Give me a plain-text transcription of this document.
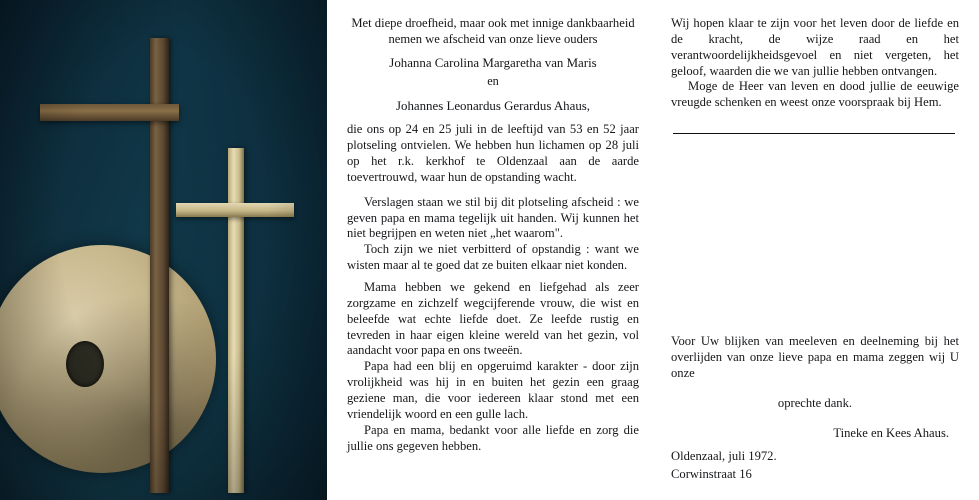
Met diepe droefheid, maar ook met innige dankbaarheid nemen we afscheid van onze lieve ouders

Johanna Carolina Margaretha van Maris

en

Johannes Leonardus Gerardus Ahaus,

die ons op 24 en 25 juli in de leeftijd van 53 en 52 jaar plotseling ontvielen. We hebben hun lichamen op 28 juli op het r.k. kerkhof te Oldenzaal aan de aarde toevertrouwd, waar hun de opstanding wacht.

Verslagen staan we stil bij dit plotseling afscheid : we geven papa en mama tegelijk uit handen. Wij kunnen het niet begrijpen en weten niet „het waarom".

Toch zijn we niet verbitterd of opstandig : want we wisten maar al te goed dat ze buiten elkaar niet konden.

Mama hebben we gekend en liefgehad als zeer zorgzame en zichzelf wegcijferende vrouw, die wist en beleefde wat echte liefde doet. Ze leefde rustig en tevreden in haar eigen kleine wereld van het gezin, vol aandacht voor papa en ons tweeën.

Papa had een blij en opgeruimd karakter - door zijn vrolijkheid was hij in en buiten het gezin een graag geziene man, die voor iedereen klaar stond met een vriendelijk woord en een gulle lach.

Papa en mama, bedankt voor alle liefde en zorg die jullie ons gegeven hebben.

Wij hopen klaar te zijn voor het leven door de liefde en de kracht, de wijze raad en het verantwoordelijkheidsgevoel en niet vergeten, het geloof, waarden die we van jullie hebben ontvangen.

Moge de Heer van leven en dood jullie de eeuwige vreugde schenken en weest onze voorspraak bij Hem.

Voor Uw blijken van meeleven en deelneming bij het overlijden van onze lieve papa en mama zeggen wij U onze

oprechte dank.

Tineke en Kees Ahaus.

Oldenzaal, juli 1972.

Corwinstraat 16
